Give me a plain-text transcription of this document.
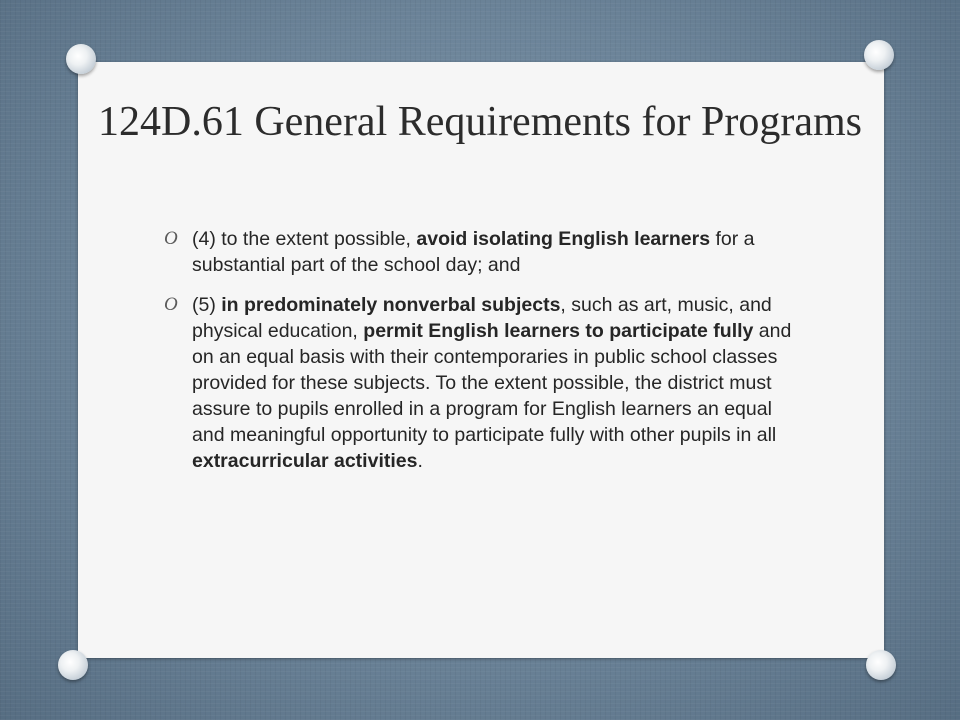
124D.61 General Requirements for Programs
O (4) to the extent possible, avoid isolating English learners for a substantial part of the school day; and
O (5) in predominately nonverbal subjects, such as art, music, and physical education, permit English learners to participate fully and on an equal basis with their contemporaries in public school classes provided for these subjects. To the extent possible, the district must assure to pupils enrolled in a program for English learners an equal and meaningful opportunity to participate fully with other pupils in all extracurricular activities.
